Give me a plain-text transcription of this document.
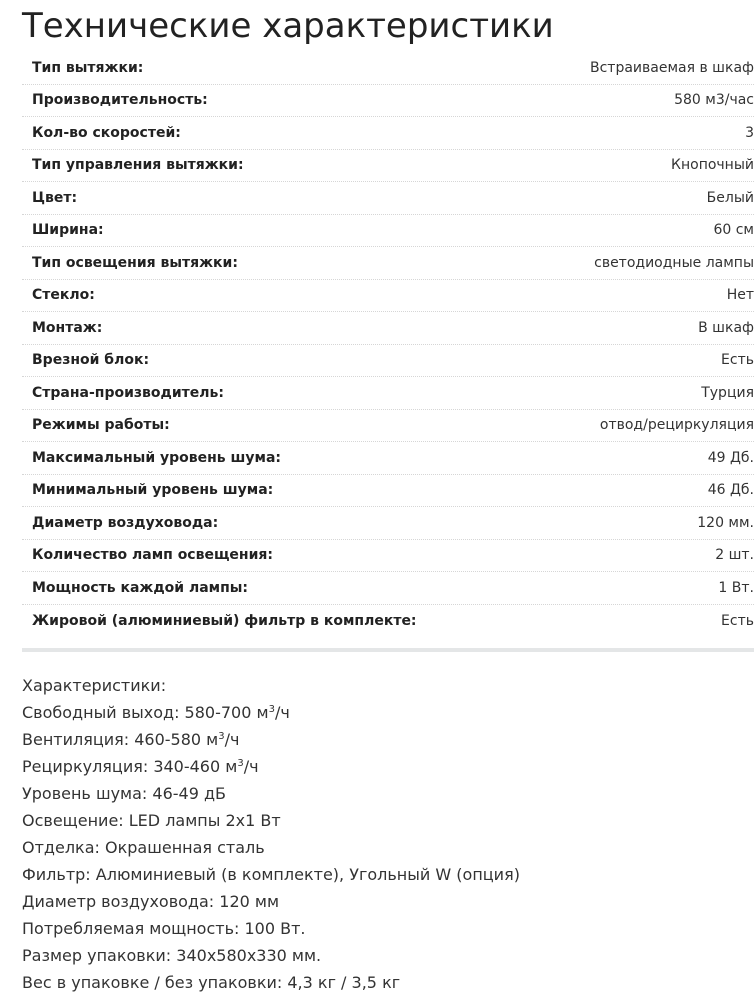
Технические характеристики
Тип вытяжки:	Встраиваемая в шкаф
Производительность:	580 м3/час
Кол-во скоростей:	3
Тип управления вытяжки:	Кнопочный
Цвет:	Белый
Ширина:	60 см
Тип освещения вытяжки:	светодиодные лампы
Стекло:	Нет
Монтаж:	В шкаф
Врезной блок:	Есть
Страна-производитель:	Турция
Режимы работы:	отвод/рециркуляция
Максимальный уровень шума:	49 Дб.
Минимальный уровень шума:	46 Дб.
Диаметр воздуховода:	120 мм.
Количество ламп освещения:	2 шт.
Мощность каждой лампы:	1 Вт.
Жировой (алюминиевый) фильтр в комплекте:	Есть
Характеристики:
Свободный выход: 580-700 $м^3/ч$
Вентиляция: 460-580 $м^3/ч$
Рециркуляция: 340-460 $м^3/ч$
Уровень шума: 46-49 дБ
Освещение: LED лампы 2х1 Вт
Отделка: Окрашенная сталь
Фильтр: Алюминиевый (в комплекте), Угольный W (опция)
Диаметр воздуховода: 120 мм
Потребляемая мощность: 100 Вт.
Размер упаковки: 340х580х330 мм.
Вес в упаковке / без упаковки: 4,3 кг / 3,5 кг
